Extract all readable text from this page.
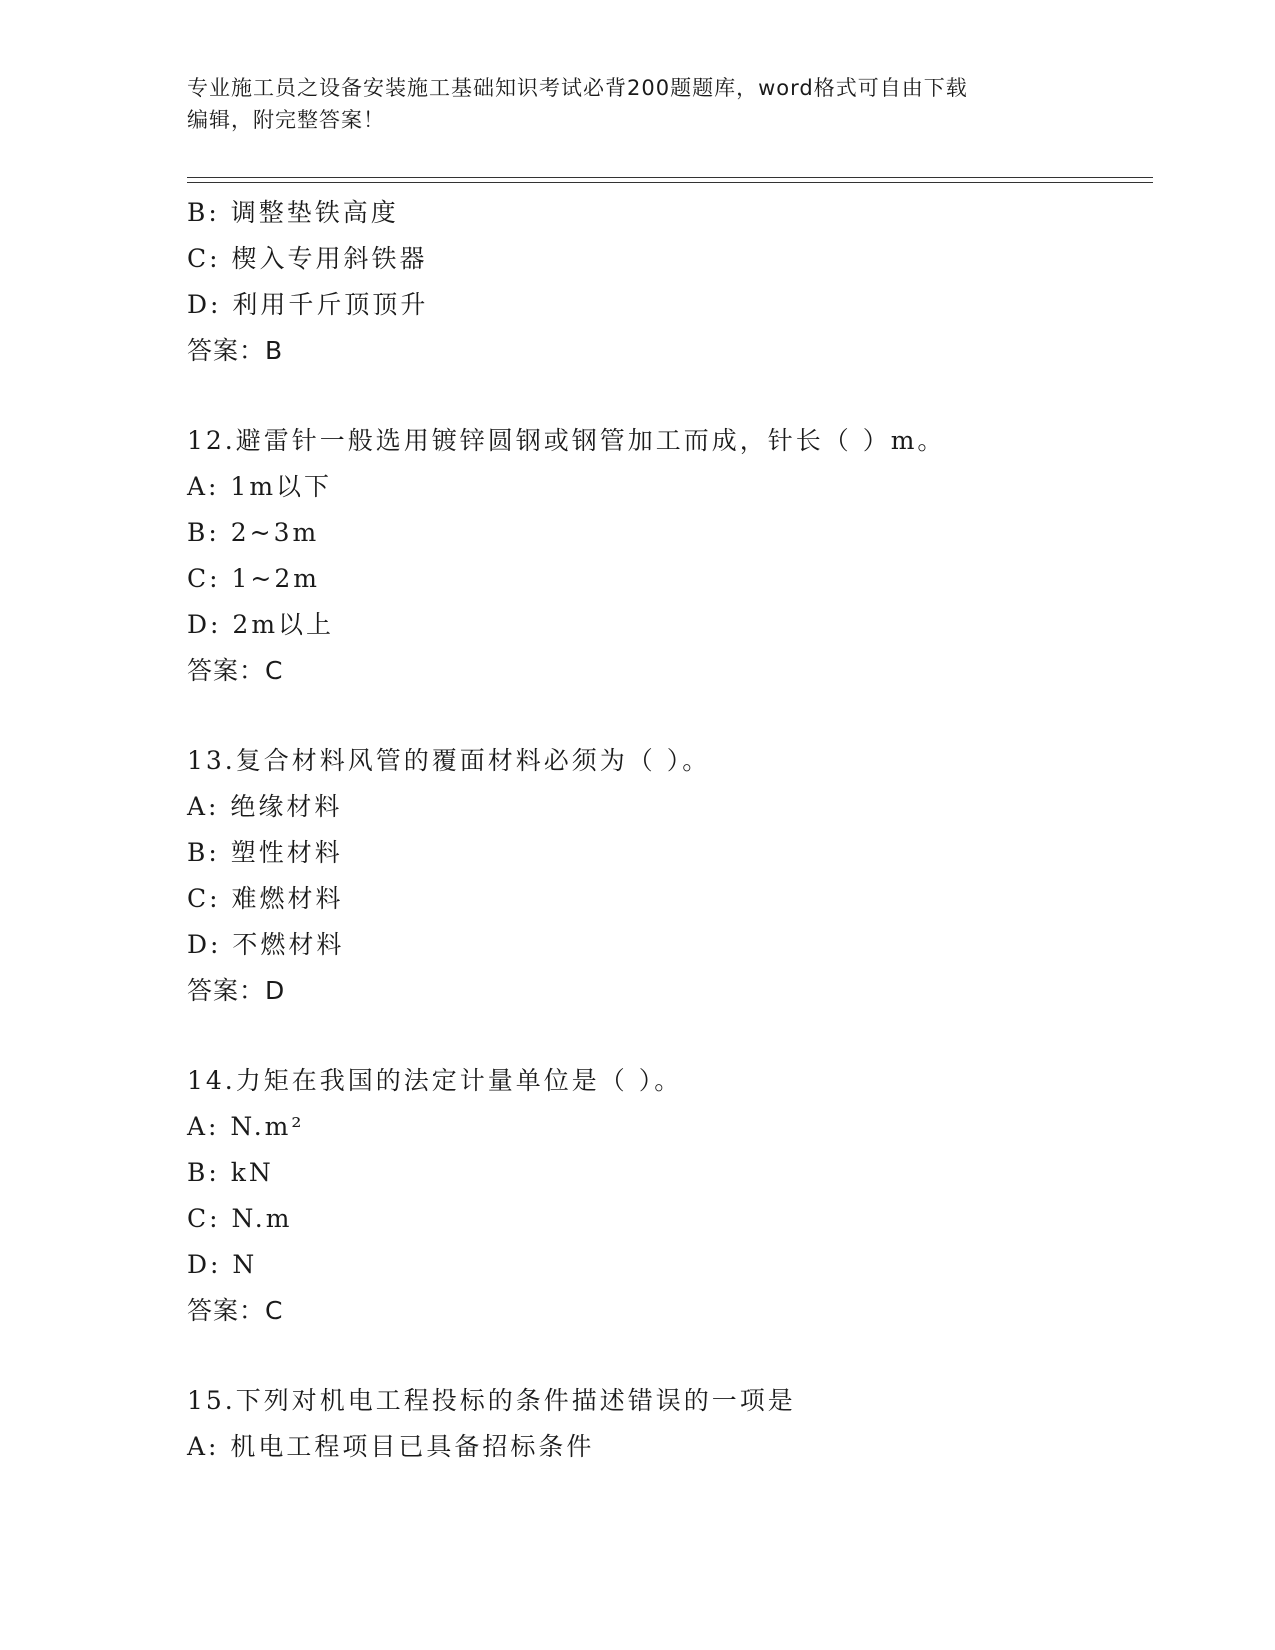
专业施工员之设备安装施工基础知识考试必背200题题库，word格式可自由下载
编辑，附完整答案！
B: 调整垫铁高度
C: 楔入专用斜铁器
D: 利用千斤顶顶升
答案：B
12.避雷针一般选用镀锌圆钢或钢管加工而成，针长（ ）m。
A: 1m以下
B: 2~3m
C: 1~2m
D: 2m以上
答案：C
13.复合材料风管的覆面材料必须为（ ）。
A: 绝缘材料
B: 塑性材料
C: 难燃材料
D: 不燃材料
答案：D
14.力矩在我国的法定计量单位是（ ）。
A: N.m²
B: kN
C: N.m
D: N
答案：C
15.下列对机电工程投标的条件描述错误的一项是
A: 机电工程项目已具备招标条件
